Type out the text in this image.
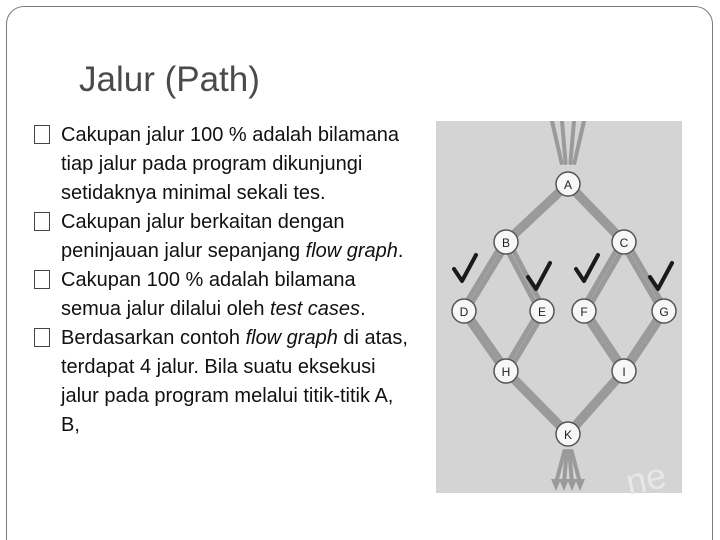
Jalur (Path)
Cakupan jalur 100 % adalah bilamana tiap jalur pada program dikunjungi setidaknya minimal sekali tes.
Cakupan jalur berkaitan dengan peninjauan jalur sepanjang flow graph.
Cakupan 100 % adalah bilamana semua jalur dilalui oleh test cases.
Berdasarkan contoh flow graph di atas, terdapat 4 jalur. Bila suatu eksekusi jalur pada program melalui titik-titik A, B,
A
B	C
D	E	F	G
H	I
K
ne
